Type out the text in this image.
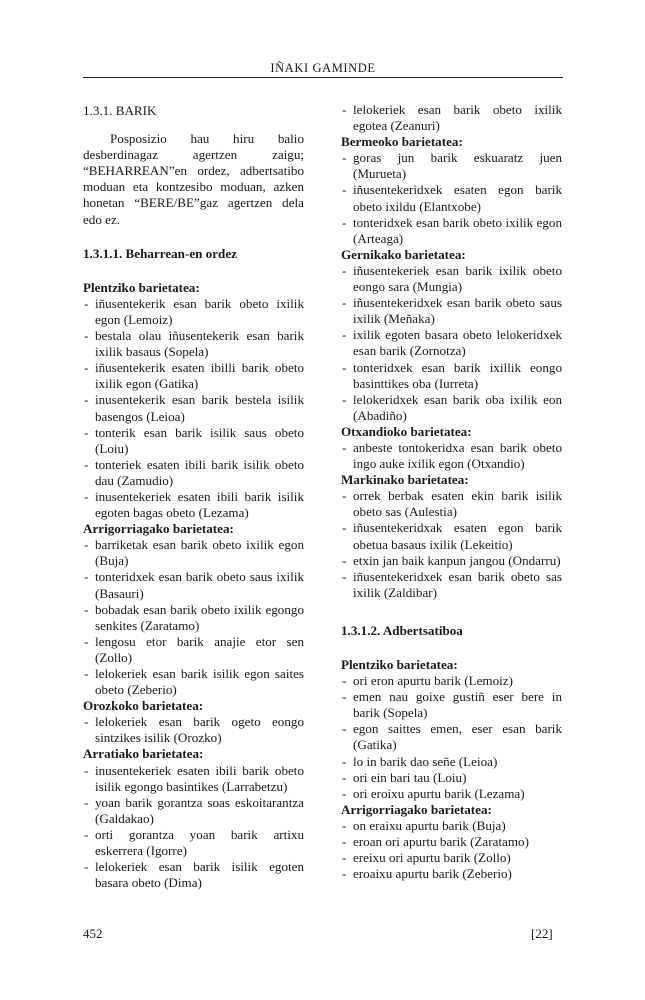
IÑAKI GAMINDE

1.3.1. BARIK

Posposizio hau hiru balio desberdinagaz agertzen zaigu; “BEHARREAN”en ordez, adbertsatibo moduan eta kontzesibo moduan, azken honetan “BERE/BE”gaz agertzen dela edo ez.

1.3.1.1. Beharrean-en ordez

Plentziko barietatea:

- iñusentekerik esan barik obeto ixilik egon (Lemoiz)

- bestala olau iñusentekerik esan barik ixilik basaus (Sopela)

- iñusentekerik esaten ibilli barik obeto ixilik egon (Gatika)

- inusentekerik esan barik bestela isilik basengos (Leioa)

- tonterik esan barik isilik saus obeto (Loiu)

- tonteriek esaten ibili barik isilik obeto dau (Zamudio)

- inusentekeriek esaten ibili barik isilik egoten bagas obeto (Lezama)

Arrigorriagako barietatea:

- barriketak esan barik obeto ixilik egon (Buja)

- tonteridxek esan barik obeto saus ixilik (Basauri)

- bobadak esan barik obeto ixilik egongo senkites (Zaratamo)

- lengosu etor barik anajie etor sen (Zollo)

- lelokeriek esan barik isilik egon saites obeto (Zeberio)

Orozkoko barietatea:

- lelokeriek esan barik ogeto eongo sintzikes isilik (Orozko)

Arratiako barietatea:

- inusentekeriek esaten ibili barik obeto isilik egongo basintikes (Larrabetzu)

- yoan barik gorantza soas eskoitarantza (Galdakao)

- orti gorantza yoan barik artixu eskerrera (Igorre)

- lelokeriek esan barik isilik egoten basara obeto (Dima)

- lelokeriek esan barik obeto ixilik egotea (Zeanuri)

Bermeoko barietatea:

- goras jun barik eskuaratz juen (Murueta)

- iñusentekeridxek esaten egon barik obeto ixildu (Elantxobe)

- tonteridxek esan barik obeto ixilik egon (Arteaga)

Gernikako barietatea:

- iñusentekeriek esan barik ixilik obeto eongo sara (Mungia)

- iñusentekeridxek esan barik obeto saus ixilik (Meñaka)

- ixilik egoten basara obeto lelokeridxek esan barik (Zornotza)

- tonteridxek esan barik ixillik eongo basinttikes oba (Iurreta)

- lelokeridxek esan barik oba ixilik eon (Abadiño)

Otxandioko barietatea:

- anbeste tontokeridxa esan barik obeto ingo auke ixilik egon (Otxandio)

Markinako barietatea:

- orrek berbak esaten ekin barik isilik obeto sas (Aulestia)

- iñusentekeridxak esaten egon barik obetua basaus ixilik (Lekeitio)

- etxin jan baik kanpun jangou (Ondarru)

- iñusentekeridxek esan barik obeto sas ixilik (Zaldibar)

1.3.1.2. Adbertsatiboa

Plentziko barietatea:

- ori eron apurtu barik (Lemoiz)

- emen nau goixe gustiñ eser bere in barik (Sopela)

- egon saittes emen, eser esan barik (Gatika)

- lo in barik dao señe (Leioa)

- ori ein bari tau (Loiu)

- ori eroixu apurtu barik (Lezama)

Arrigorriagako barietatea:

- on eraixu apurtu barik (Buja)

- eroan ori apurtu barik (Zaratamo)

- ereixu ori apurtu barik (Zollo)

- eroaixu apurtu barik (Zeberio)

452	[22]
